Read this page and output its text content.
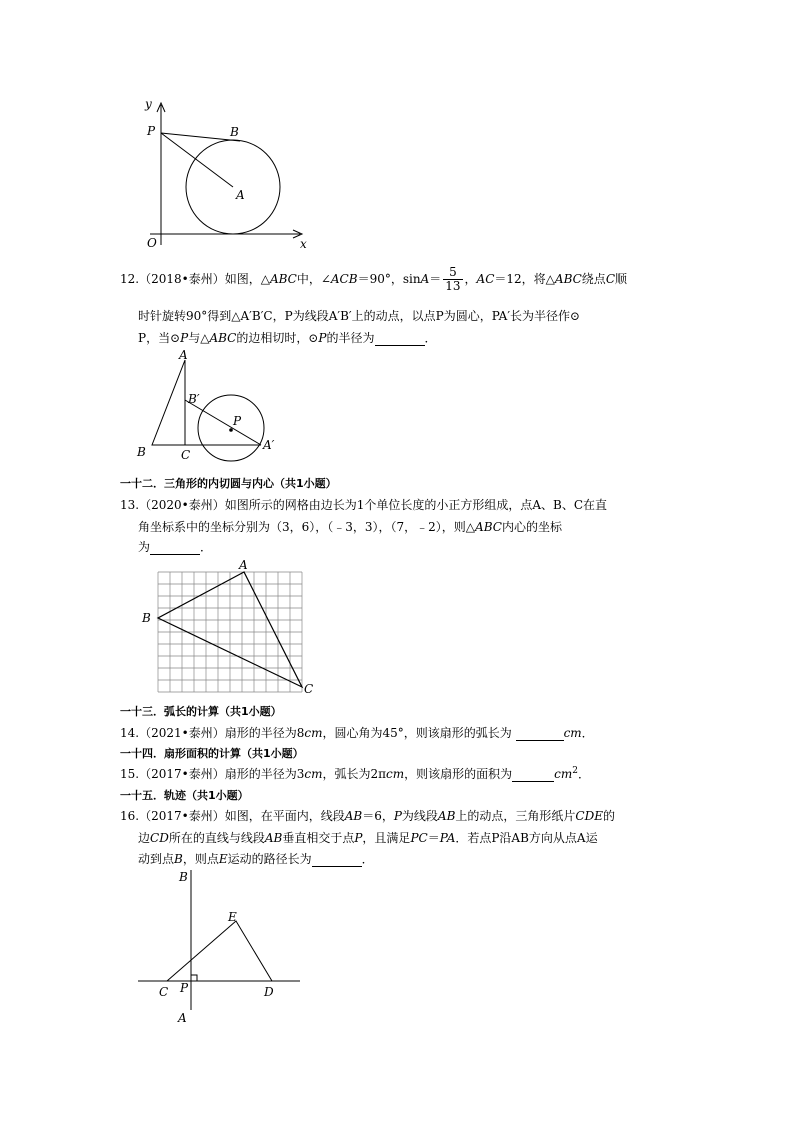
y
x
O
P	B
A
12.（2018•泰州）如图，△ABC中，∠ACB＝90°，$\sin A= \frac{5}{13}$ ，AC＝12，将△ABC绕点C顺
时针旋转90°得到△A′B′C，P为线段A′B′上的动点，以点P为圆心，PA′长为半径作⊙
P，当⊙P与△ABC的边相切时，⊙P的半径为	．
A
B′
P
B	C
A′
一十二．三角形的内切圆与内心（共1小题）
13.（2020•泰州）如图所示的网格由边长为1个单位长度的小正方形组成，点A、B、C在直
角坐标系中的坐标分别为（3，6），（﹣3，3），（7，﹣2），则△ABC内心的坐标
为	．
A
B
C
一十三．弧长的计算（共1小题）
14.（2021•泰州）扇形的半径为8cm，圆心角为45°，则该扇形的弧长为	cm．
一十四．扇形面积的计算（共1小题）
15.（2017•泰州）扇形的半径为3cm，弧长为2πcm，则该扇形的面积为	$cm^2$．
一十五．轨迹（共1小题）
16.（2017•泰州）如图，在平面内，线段AB＝6，P为线段AB上的动点，三角形纸片CDE的
边CD所在的直线与线段AB垂直相交于点P，且满足PC＝PA．若点P沿AB方向从点A运
动到点B，则点E运动的路径长为	．
B
E
C P	D
A
